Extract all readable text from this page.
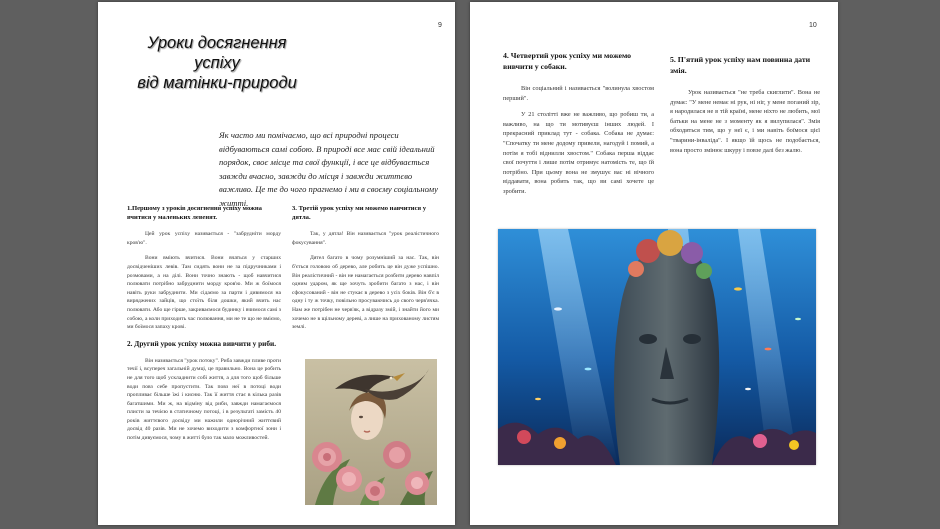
9
Уроки досягнення
успіху
від матінки-природи
Як часто ми помічаємо, що всі природні процеси відбуваються самі собою. В природі все має свій ідеальний порядок, своє місце та свої функції, і все це відбувається завжди вчасно, завжди до місця і завжди життєво важливо. Це те до чого прагнемо і ми в своєму соціальному житті.
1.Першому з уроків досягнення успіху можна вчитися у маленьких левенят.

Цей урок успіху називається - "забрудніти морду кров'ю".

Вони вміють вчитися. Вони вчаться у старших досвідченіших левів. Там сидять вони не за підручниками і розмовами, а на ділі. Вони точно знають - щоб навчитися полювати потрібно забруднити морду кров'ю. Ми ж боїмося навіть руки забруднити. Ми сідаємо за парти і дивимося на виряджених зайців, що стоїть біля дошки, який вчить нас полювати. Або ще гірше, закриваємося будинку і вчимося самі з собою, а коли приходить час полювання, ми не те що не вміємо, ми боїмося запаху крові.

2. Другий урок успіху можна вивчити у риби.

Він називається "урок потоку". Риба завжди пливе проти течії і, всупереч загальній думці, це правильно. Вона це робить не для того щоб ускладнити собі життя, а для того щоб більше води повз себе пропустити. Так повз неї в потоці води пропливає більше їжі і кисню. Так її життя стає в кілька разів багатшими. Ми ж, на відміну від риби, завжди намагаємося плисти за течією в статичному потоці, і в результаті замість 40 років життєвого досвіду ми нажили однорічний життєвий досвід 40 разів. Ми не хочемо виходити з комфортної зони і потім дивуємося, чому в житті було так мало можливостей.

3. Третій урок успіху ми можемо навчитися у дятла.

Так, у дятла! Він називається "урок реалістичного фокусування".

Дятел багато в чому розумніший за нас. Так, він б'ється головою об дерево, але робить це він дуже успішно. Він реалістичний - він не намагається розбити дерево навпіл одним ударом, як ще хочуть зробити багато з нас, і він сфокусований - він не стукає в дерево з усіх боків. Він б'є в одну і ту ж точку, повільно просуваючись до свого черв'ячка. Нам же потрібен не черв'як, а відразу змій, і знайти його ми хочемо не в щільному дереві, а лише на прихованому листям землі.

10
4. Четвертий урок успіху ми можемо вивчити у собаки.

Він соціальний і називається "волинула хвостом перший".

У 21 столітті вже не важливо, що робиш ти, а важливо, на що ти мотивуєш інших людей. І прекрасний приклад тут - собака. Собака не думає: "Спочатку ти мене додому привели, нагодуй і помий, а потім я тобі віднилли хвостом." Собака перша віддає свої почуття і лише потім отримує натомість те, що їй потрібно. При цьому вона не змушує вас ні вічного віддавати, вона робить так, що ви самі хочете це зробити.

5. П'ятий урок успіху нам повинна дати змія.

Урок називається "не треба скиглити". Вона не думає: "У мене немає ні рук, ні ніг, у мене поганий зір, я народилася не в тій країні, мене ніхто не любить, мої батьки на мене не з моменту як я вилупилася". Змія обходиться тим, що у неї є, і ми навіть боїмося цієї "тварини-інваліда". І якщо їй щось не подобається, вона просто змінює шкуру і повзе далі без жалю.
